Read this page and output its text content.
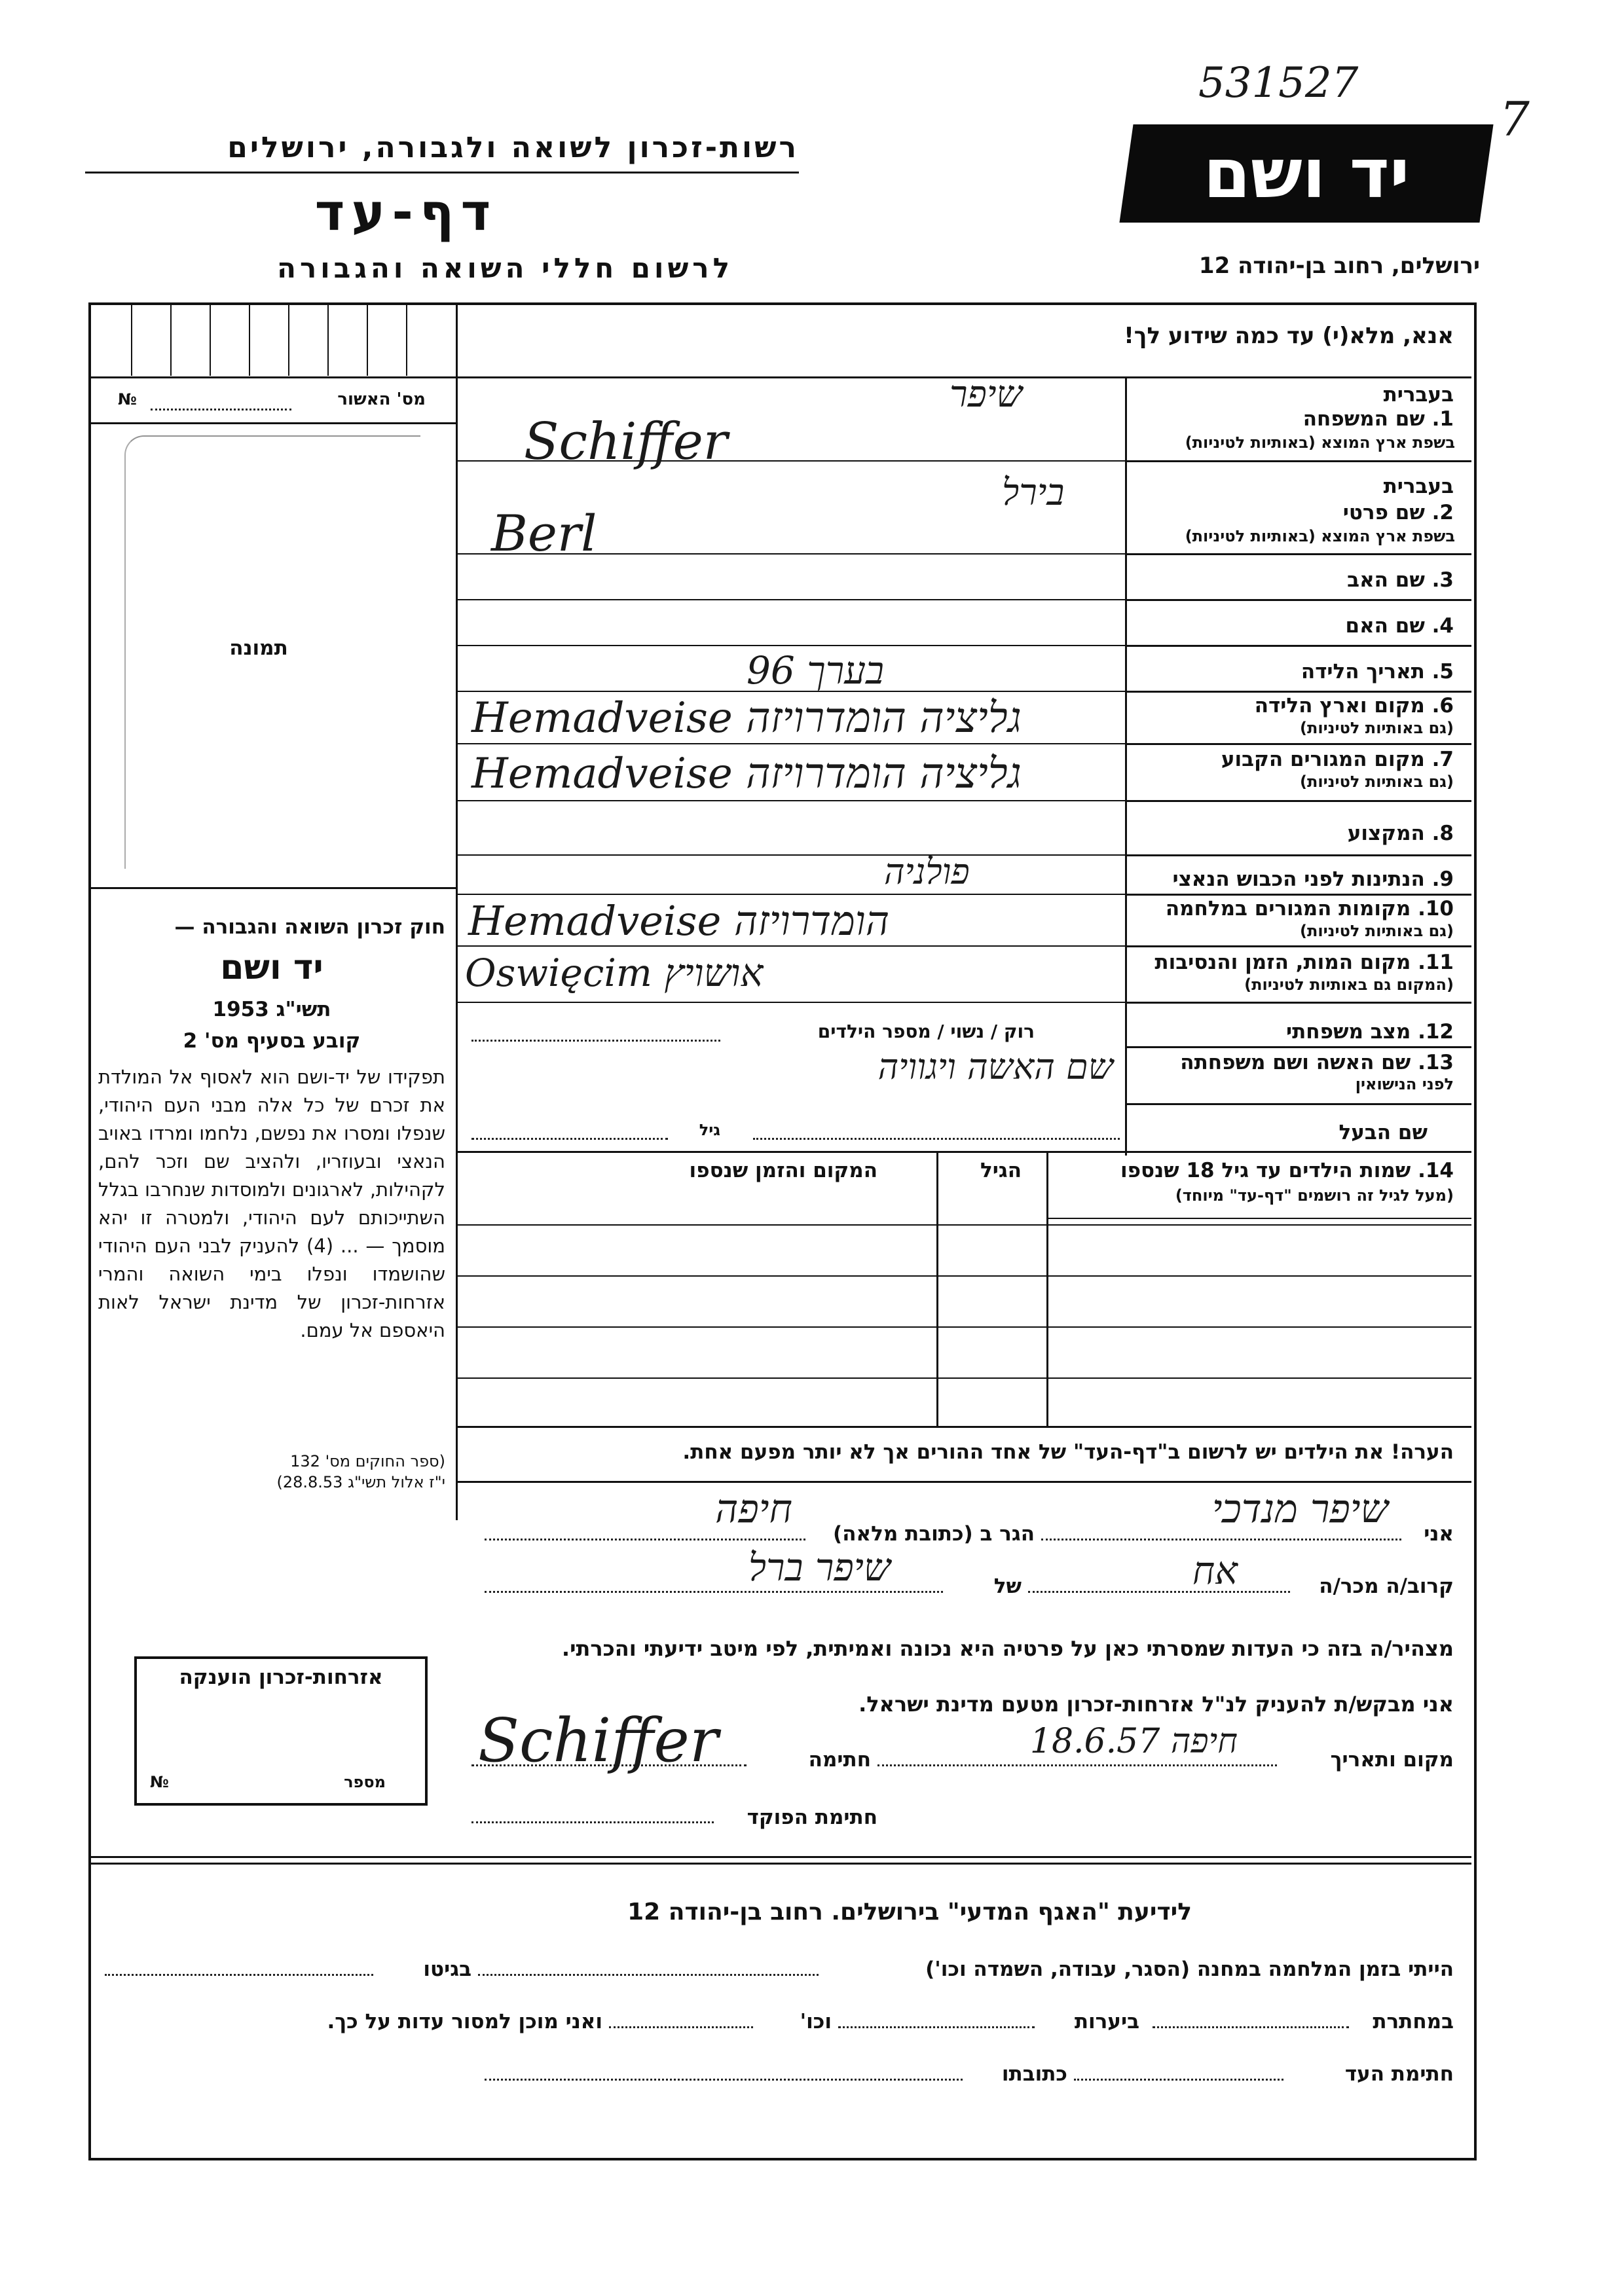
531527
7
רשות-זכרון לשואה ולגבורה, ירושלים
דף-עד
לרשום חללי השואה והגבורה
יד ושם
ירושלים, רחוב בן-יהודה 12
אנא, מלא(י) עד כמה שידוע לך!
מס' האשור
№
תמונה
חוק זכרון השואה והגבורה —
יד ושם
תשי"ג 1953
קובע בסעיף מס' 2
תפקידו של יד-ושם הוא לאסוף אל המולדת את זכרם של כל אלה מבני העם היהודי, שנפלו ומסרו את נפשם, נלחמו ומרדו באויב הנאצי ובעוזריו, ולהציב שם וזכר להם, לקהילות, לארגונים ולמוסדות שנחרבו בגלל השתייכותם לעם היהודי, ולמטרה זו יהא מוסמך — ... (4) להעניק לבני העם היהודי שהושמדו ונפלו בימי השואה והמרי אזרחות-זכרון של מדינת ישראל לאות היאספם אל עמם.
(ספר החוקים מס' 132
י"ז אלול תשי"ג 28.8.53)
בעברית
1. שם המשפחה
בשפת ארץ המוצא (באותיות לטיניות)
בעברית
2. שם פרטי
בשפת ארץ המוצא (באותיות לטיניות)
3. שם האב
4. שם האם
5. תאריך הלידה
6. מקום וארץ הלידה
(גם באותיות לטיניות)
7. מקום המגורים הקבוע
(גם באותיות לטיניות)
8. המקצוע
9. הנתינות לפני הכבוש הנאצי
10. מקומות המגורים במלחמה
(גם באותיות לטיניות)
11. מקום המות, הזמן והנסיבות
(המקום גם באותיות לטיניות)
12. מצב משפחתי
13. שם האשה ושם משפחתה
לפני הנישואין
שם הבעל
שיפר
Schiffer
בירל
Berl
בערך 96
Hemadveise גליציה הומדרויזה
Hemadveise גליציה הומדרויזה
פולניה
Hemadveise הומדרויזה
Oswięcim אושויץ
רוק / נשוי / מספר הילדים
שם האשה ויגוויה
גיל
14. שמות הילדים עד גיל 18 שנספו
(מעל לגיל זה רושמים "דף-עד" מיוחד)
הגיל
המקום והזמן שנספו
הערה! את הילדים יש לרשום ב"דף-העד" של אחד ההורים אך לא יותר מפעם אחת.
אני
שיפר מנדכי
הגר ב (כתובת מלאה)
חיפה
קרוב/ה מכר/ה
אח
של
שיפר ברל
מצהיר/ה בזה כי העדות שמסרתי כאן על פרטיה היא נכונה ואמיתית, לפי מיטב ידיעתי והכרתי.
אני מבקש/ת להעניק לנ"ל אזרחות-זכרון מטעם מדינת ישראל.
מקום ותאריך
חיפה 18.6.57
חתימה
Schiffer
חתימת הפוקד
אזרחות-זכרון הוענקה
מספר
№
לידיעת "האגף המדעי" בירושלים. רחוב בן-יהודה 12
הייתי בזמן המלחמה במחנה (הסגר, עבודה, השמדה וכו')
בגיטו
במחתרת
ביערות
וכו'
ואני מוכן למסור עדות על כך.
חתימת העד
כתובתו
